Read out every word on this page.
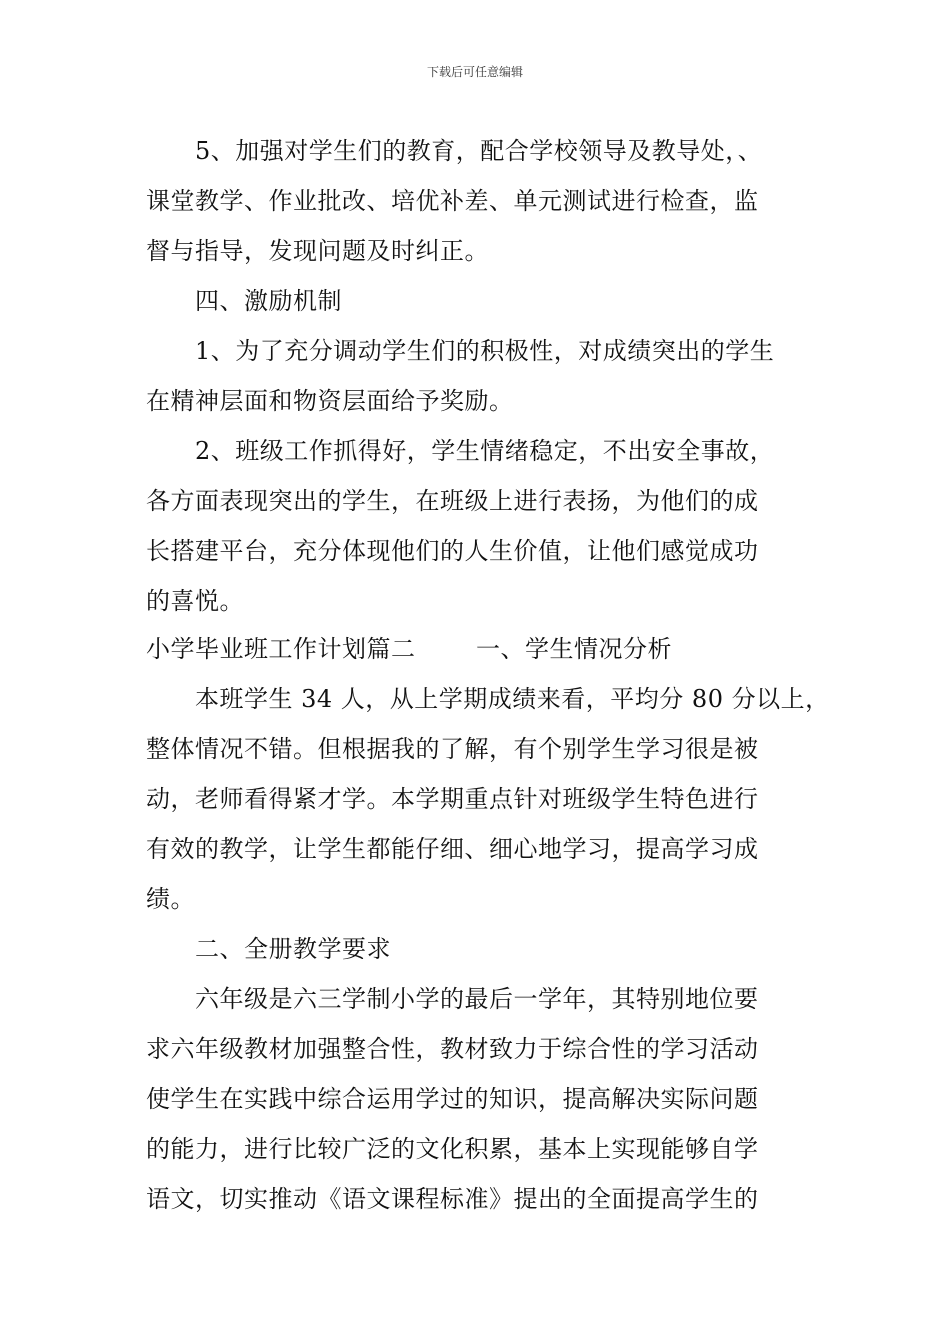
下载后可任意编辑
5、加强对学生们的教育，配合学校领导及教导处，、
课堂教学、作业批改、培优补差、单元测试进行检查，监
督与指导，发现问题及时纠正。
四、激励机制
1、为了充分调动学生们的积极性，对成绩突出的学生
在精神层面和物资层面给予奖励。
2、班级工作抓得好，学生情绪稳定，不出安全事故，
各方面表现突出的学生，在班级上进行表扬，为他们的成
长搭建平台，充分体现他们的人生价值，让他们感觉成功
的喜悦。
小学毕业班工作计划篇二	一、学生情况分析
本班学生 34 人，从上学期成绩来看，平均分 80 分以上，
整体情况不错。但根据我的了解，有个别学生学习很是被
动，老师看得紧才学。本学期重点针对班级学生特色进行
有效的教学，让学生都能仔细、细心地学习，提高学习成
绩。
二、全册教学要求
六年级是六三学制小学的最后一学年，其特别地位要
求六年级教材加强整合性，教材致力于综合性的学习活动
使学生在实践中综合运用学过的知识，提高解决实际问题
的能力，进行比较广泛的文化积累，基本上实现能够自学
语文，切实推动《语文课程标准》提出的全面提高学生的
